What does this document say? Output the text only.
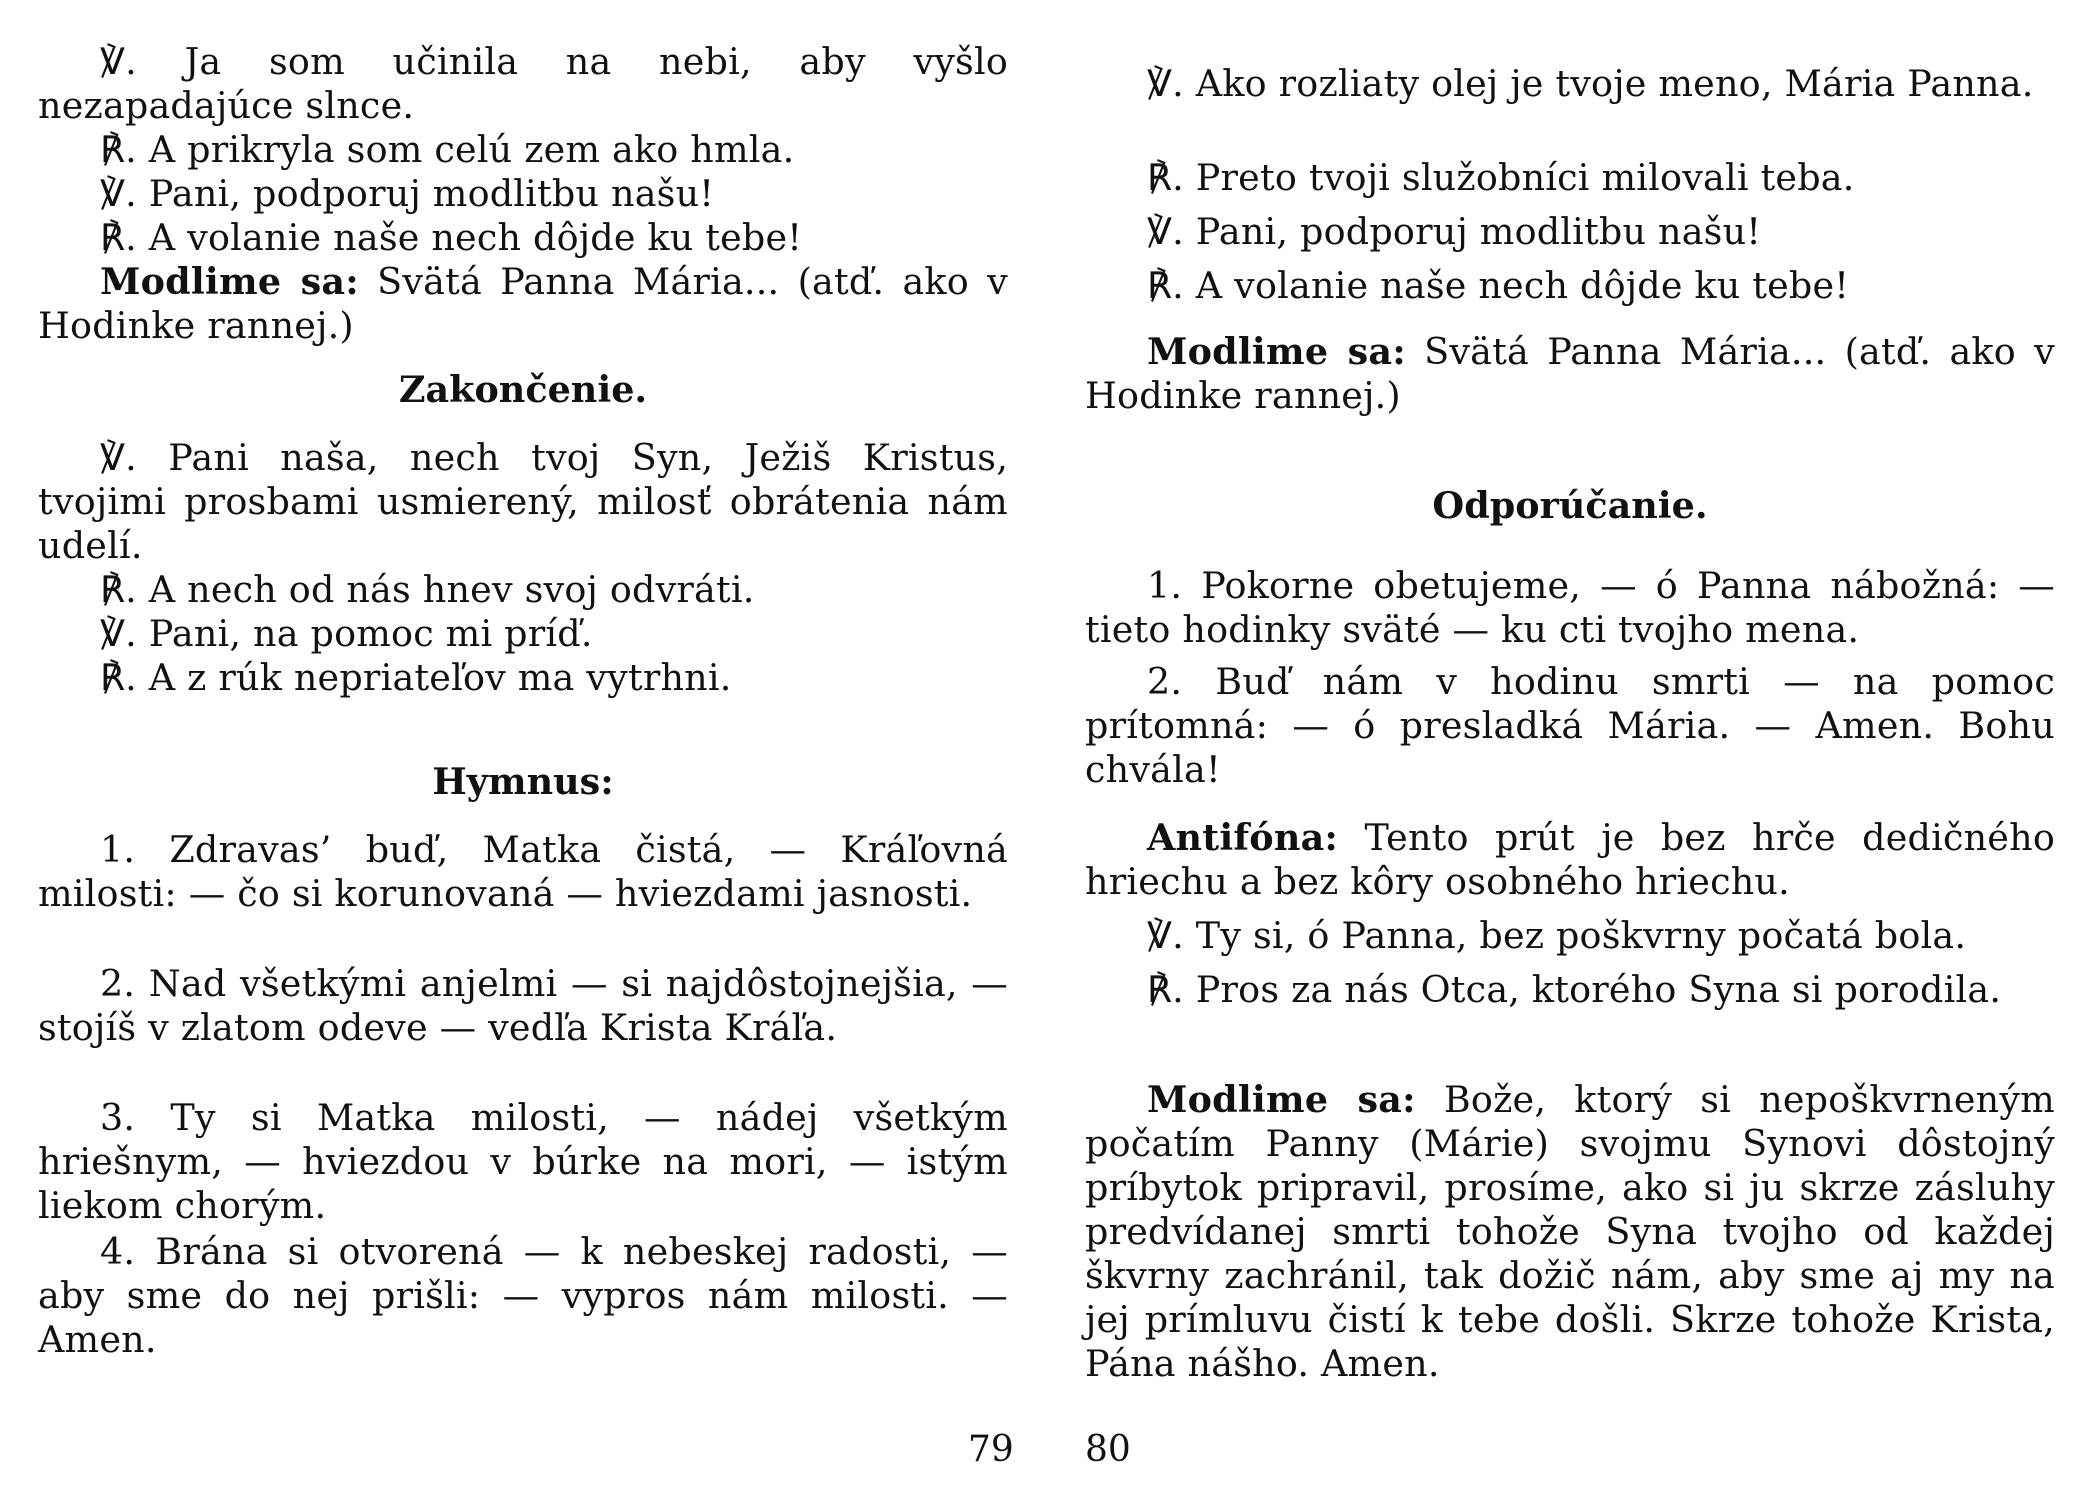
℣. Ja som učinila na nebi, aby vyšlo nezapadajúce slnce.

℟. A prikryla som celú zem ako hmla.

℣. Pani, podporuj modlitbu našu!

℟. A volanie naše nech dôjde ku tebe!

Modlime sa: Svätá Panna Mária... (atď. ako v Hodinke rannej.)

Zakončenie.

℣. Pani naša, nech tvoj Syn, Ježiš Kristus, tvojimi prosbami usmierený, milosť obrátenia nám udelí.

℟. A nech od nás hnev svoj odvráti.

℣. Pani, na pomoc mi príď.

℟. A z rúk nepriateľov ma vytrhni.

Hymnus:

1. Zdravas’ buď, Matka čistá, — Kráľovná milosti: — čo si korunovaná — hviezdami jasnosti.

2. Nad všetkými anjelmi — si najdôstojnejšia, — stojíš v zlatom odeve — vedľa Krista Kráľa.

3. Ty si Matka milosti, — nádej všetkým hriešnym, — hviezdou v búrke na mori, — istým liekom chorým.

4. Brána si otvorená — k nebeskej radosti, — aby sme do nej prišli: — vypros nám milosti. — Amen.

79

℣. Ako rozliaty olej je tvoje meno, Mária Panna.

℟. Preto tvoji služobníci milovali teba.

℣. Pani, podporuj modlitbu našu!

℟. A volanie naše nech dôjde ku tebe!

Modlime sa: Svätá Panna Mária... (atď. ako v Hodinke rannej.)

Odporúčanie.

1. Pokorne obetujeme, — ó Panna nábožná: — tieto hodinky sväté — ku cti tvojho mena.

2. Buď nám v hodinu smrti — na pomoc prítomná: — ó presladká Mária. — Amen. Bohu chvála!

Antifóna: Tento prút je bez hrče dedičného hriechu a bez kôry osobného hriechu.

℣. Ty si, ó Panna, bez poškvrny počatá bola.

℟. Pros za nás Otca, ktorého Syna si porodila.

Modlime sa: Bože, ktorý si nepoškvrneným počatím Panny (Márie) svojmu Synovi dôstojný príbytok pripravil, prosíme, ako si ju skrze zásluhy predvídanej smrti tohože Syna tvojho od každej škvrny zachránil, tak dožič nám, aby sme aj my na jej prímluvu čistí k tebe došli. Skrze tohože Krista, Pána nášho. Amen.

80
